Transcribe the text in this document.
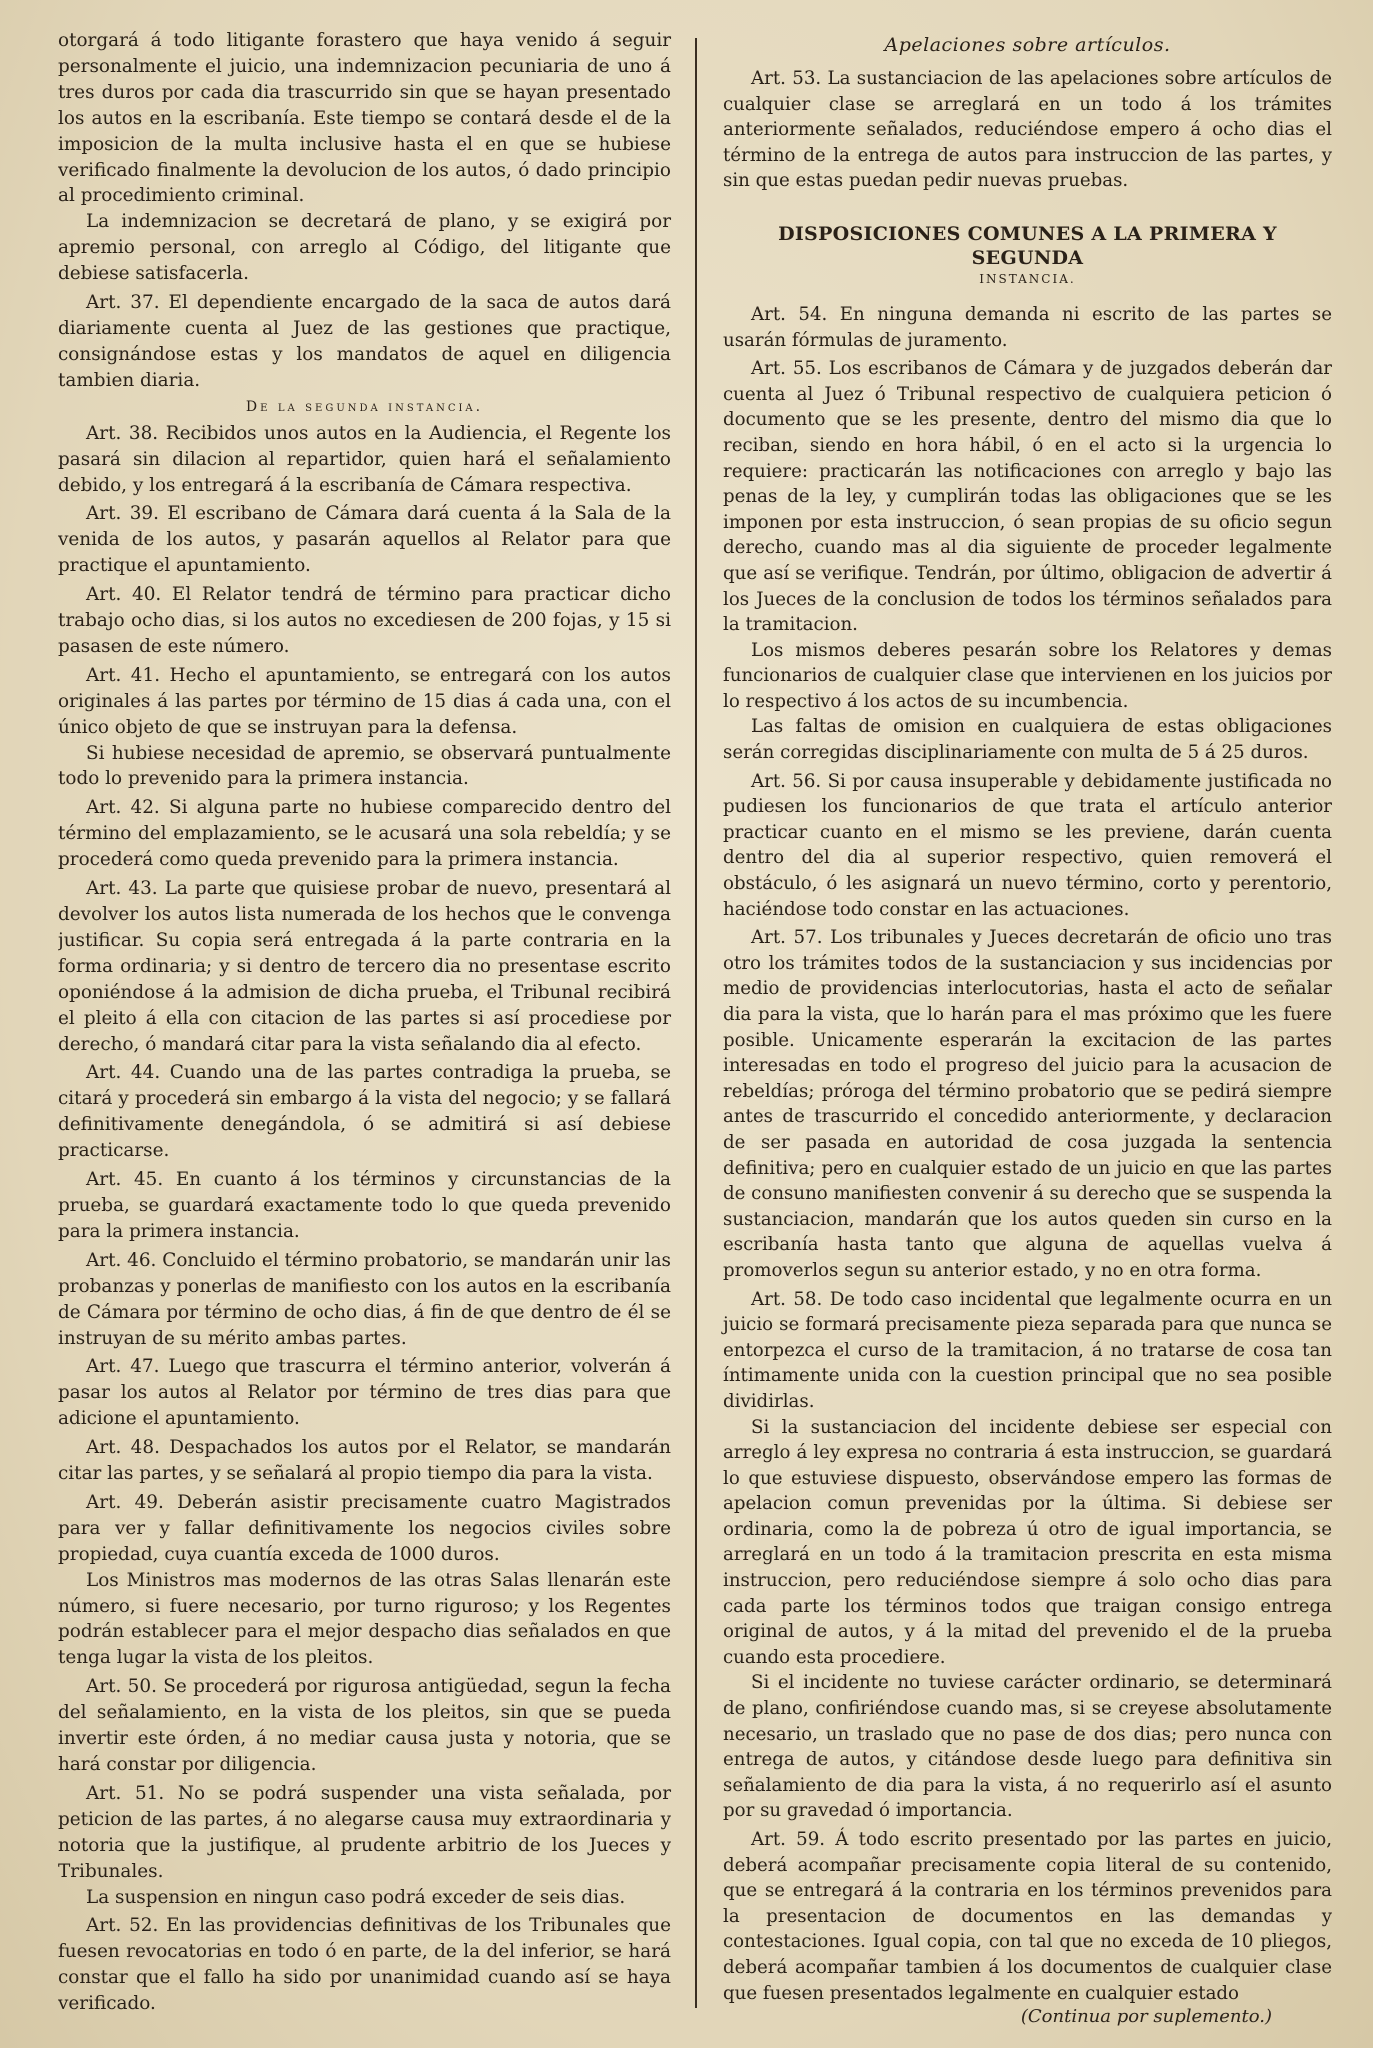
otorgará á todo litigante forastero que haya venido á seguir personalmente el juicio, una indemnizacion pecuniaria de uno á tres duros por cada dia trascurrido sin que se hayan presentado los autos en la escribanía. Este tiempo se contará desde el de la imposicion de la multa inclusive hasta el en que se hubiese verificado finalmente la devolucion de los autos, ó dado principio al procedimiento criminal.

La indemnizacion se decretará de plano, y se exigirá por apremio personal, con arreglo al Código, del litigante que debiese satisfacerla.

Art. 37. El dependiente encargado de la saca de autos dará diariamente cuenta al Juez de las gestiones que practique, consignándose estas y los mandatos de aquel en diligencia tambien diaria.

De la segunda instancia.

Art. 38. Recibidos unos autos en la Audiencia, el Regente los pasará sin dilacion al repartidor, quien hará el señalamiento debido, y los entregará á la escribanía de Cámara respectiva.

Art. 39. El escribano de Cámara dará cuenta á la Sala de la venida de los autos, y pasarán aquellos al Relator para que practique el apuntamiento.

Art. 40. El Relator tendrá de término para practicar dicho trabajo ocho dias, si los autos no excediesen de 200 fojas, y 15 si pasasen de este número.

Art. 41. Hecho el apuntamiento, se entregará con los autos originales á las partes por término de 15 dias á cada una, con el único objeto de que se instruyan para la defensa.

Si hubiese necesidad de apremio, se observará puntualmente todo lo prevenido para la primera instancia.

Art. 42. Si alguna parte no hubiese comparecido dentro del término del emplazamiento, se le acusará una sola rebeldía; y se procederá como queda prevenido para la primera instancia.

Art. 43. La parte que quisiese probar de nuevo, presentará al devolver los autos lista numerada de los hechos que le convenga justificar. Su copia será entregada á la parte contraria en la forma ordinaria; y si dentro de tercero dia no presentase escrito oponiéndose á la admision de dicha prueba, el Tribunal recibirá el pleito á ella con citacion de las partes si así procediese por derecho, ó mandará citar para la vista señalando dia al efecto.

Art. 44. Cuando una de las partes contradiga la prueba, se citará y procederá sin embargo á la vista del negocio; y se fallará definitivamente denegándola, ó se admitirá si así debiese practicarse.

Art. 45. En cuanto á los términos y circunstancias de la prueba, se guardará exactamente todo lo que queda prevenido para la primera instancia.

Art. 46. Concluido el término probatorio, se mandarán unir las probanzas y ponerlas de manifiesto con los autos en la escribanía de Cámara por término de ocho dias, á fin de que dentro de él se instruyan de su mérito ambas partes.

Art. 47. Luego que trascurra el término anterior, volverán á pasar los autos al Relator por término de tres dias para que adicione el apuntamiento.

Art. 48. Despachados los autos por el Relator, se mandarán citar las partes, y se señalará al propio tiempo dia para la vista.

Art. 49. Deberán asistir precisamente cuatro Magistrados para ver y fallar definitivamente los negocios civiles sobre propiedad, cuya cuantía exceda de 1000 duros.

Los Ministros mas modernos de las otras Salas llenarán este número, si fuere necesario, por turno riguroso; y los Regentes podrán establecer para el mejor despacho dias señalados en que tenga lugar la vista de los pleitos.

Art. 50. Se procederá por rigurosa antigüedad, segun la fecha del señalamiento, en la vista de los pleitos, sin que se pueda invertir este órden, á no mediar causa justa y notoria, que se hará constar por diligencia.

Art. 51. No se podrá suspender una vista señalada, por peticion de las partes, á no alegarse causa muy extraordinaria y notoria que la justifique, al prudente arbitrio de los Jueces y Tribunales.

La suspension en ningun caso podrá exceder de seis dias.

Art. 52. En las providencias definitivas de los Tribunales que fuesen revocatorias en todo ó en parte, de la del inferior, se hará constar que el fallo ha sido por unanimidad cuando así se haya verificado.

Apelaciones sobre artículos.

Art. 53. La sustanciacion de las apelaciones sobre artículos de cualquier clase se arreglará en un todo á los trámites anteriormente señalados, reduciéndose empero á ocho dias el término de la entrega de autos para instruccion de las partes, y sin que estas puedan pedir nuevas pruebas.

DISPOSICIONES COMUNES A LA PRIMERA Y SEGUNDA
INSTANCIA.

Art. 54. En ninguna demanda ni escrito de las partes se usarán fórmulas de juramento.

Art. 55. Los escribanos de Cámara y de juzgados deberán dar cuenta al Juez ó Tribunal respectivo de cualquiera peticion ó documento que se les presente, dentro del mismo dia que lo reciban, siendo en hora hábil, ó en el acto si la urgencia lo requiere: practicarán las notificaciones con arreglo y bajo las penas de la ley, y cumplirán todas las obligaciones que se les imponen por esta instruccion, ó sean propias de su oficio segun derecho, cuando mas al dia siguiente de proceder legalmente que así se verifique. Tendrán, por último, obligacion de advertir á los Jueces de la conclusion de todos los términos señalados para la tramitacion.

Los mismos deberes pesarán sobre los Relatores y demas funcionarios de cualquier clase que intervienen en los juicios por lo respectivo á los actos de su incumbencia.

Las faltas de omision en cualquiera de estas obligaciones serán corregidas disciplinariamente con multa de 5 á 25 duros.

Art. 56. Si por causa insuperable y debidamente justificada no pudiesen los funcionarios de que trata el artículo anterior practicar cuanto en el mismo se les previene, darán cuenta dentro del dia al superior respectivo, quien removerá el obstáculo, ó les asignará un nuevo término, corto y perentorio, haciéndose todo constar en las actuaciones.

Art. 57. Los tribunales y Jueces decretarán de oficio uno tras otro los trámites todos de la sustanciacion y sus incidencias por medio de providencias interlocutorias, hasta el acto de señalar dia para la vista, que lo harán para el mas próximo que les fuere posible. Unicamente esperarán la excitacion de las partes interesadas en todo el progreso del juicio para la acusacion de rebeldías; próroga del término probatorio que se pedirá siempre antes de trascurrido el concedido anteriormente, y declaracion de ser pasada en autoridad de cosa juzgada la sentencia definitiva; pero en cualquier estado de un juicio en que las partes de consuno manifiesten convenir á su derecho que se suspenda la sustanciacion, mandarán que los autos queden sin curso en la escribanía hasta tanto que alguna de aquellas vuelva á promoverlos segun su anterior estado, y no en otra forma.

Art. 58. De todo caso incidental que legalmente ocurra en un juicio se formará precisamente pieza separada para que nunca se entorpezca el curso de la tramitacion, á no tratarse de cosa tan íntimamente unida con la cuestion principal que no sea posible dividirlas.

Si la sustanciacion del incidente debiese ser especial con arreglo á ley expresa no contraria á esta instruccion, se guardará lo que estuviese dispuesto, observándose empero las formas de apelacion comun prevenidas por la última. Si debiese ser ordinaria, como la de pobreza ú otro de igual importancia, se arreglará en un todo á la tramitacion prescrita en esta misma instruccion, pero reduciéndose siempre á solo ocho dias para cada parte los términos todos que traigan consigo entrega original de autos, y á la mitad del prevenido el de la prueba cuando esta procediere.

Si el incidente no tuviese carácter ordinario, se determinará de plano, confiriéndose cuando mas, si se creyese absolutamente necesario, un traslado que no pase de dos dias; pero nunca con entrega de autos, y citándose desde luego para definitiva sin señalamiento de dia para la vista, á no requerirlo así el asunto por su gravedad ó importancia.

Art. 59. Á todo escrito presentado por las partes en juicio, deberá acompañar precisamente copia literal de su contenido, que se entregará á la contraria en los términos prevenidos para la presentacion de documentos en las demandas y contestaciones. Igual copia, con tal que no exceda de 10 pliegos, deberá acompañar tambien á los documentos de cualquier clase que fuesen presentados legalmente en cualquier estado

(Continua por suplemento.)
